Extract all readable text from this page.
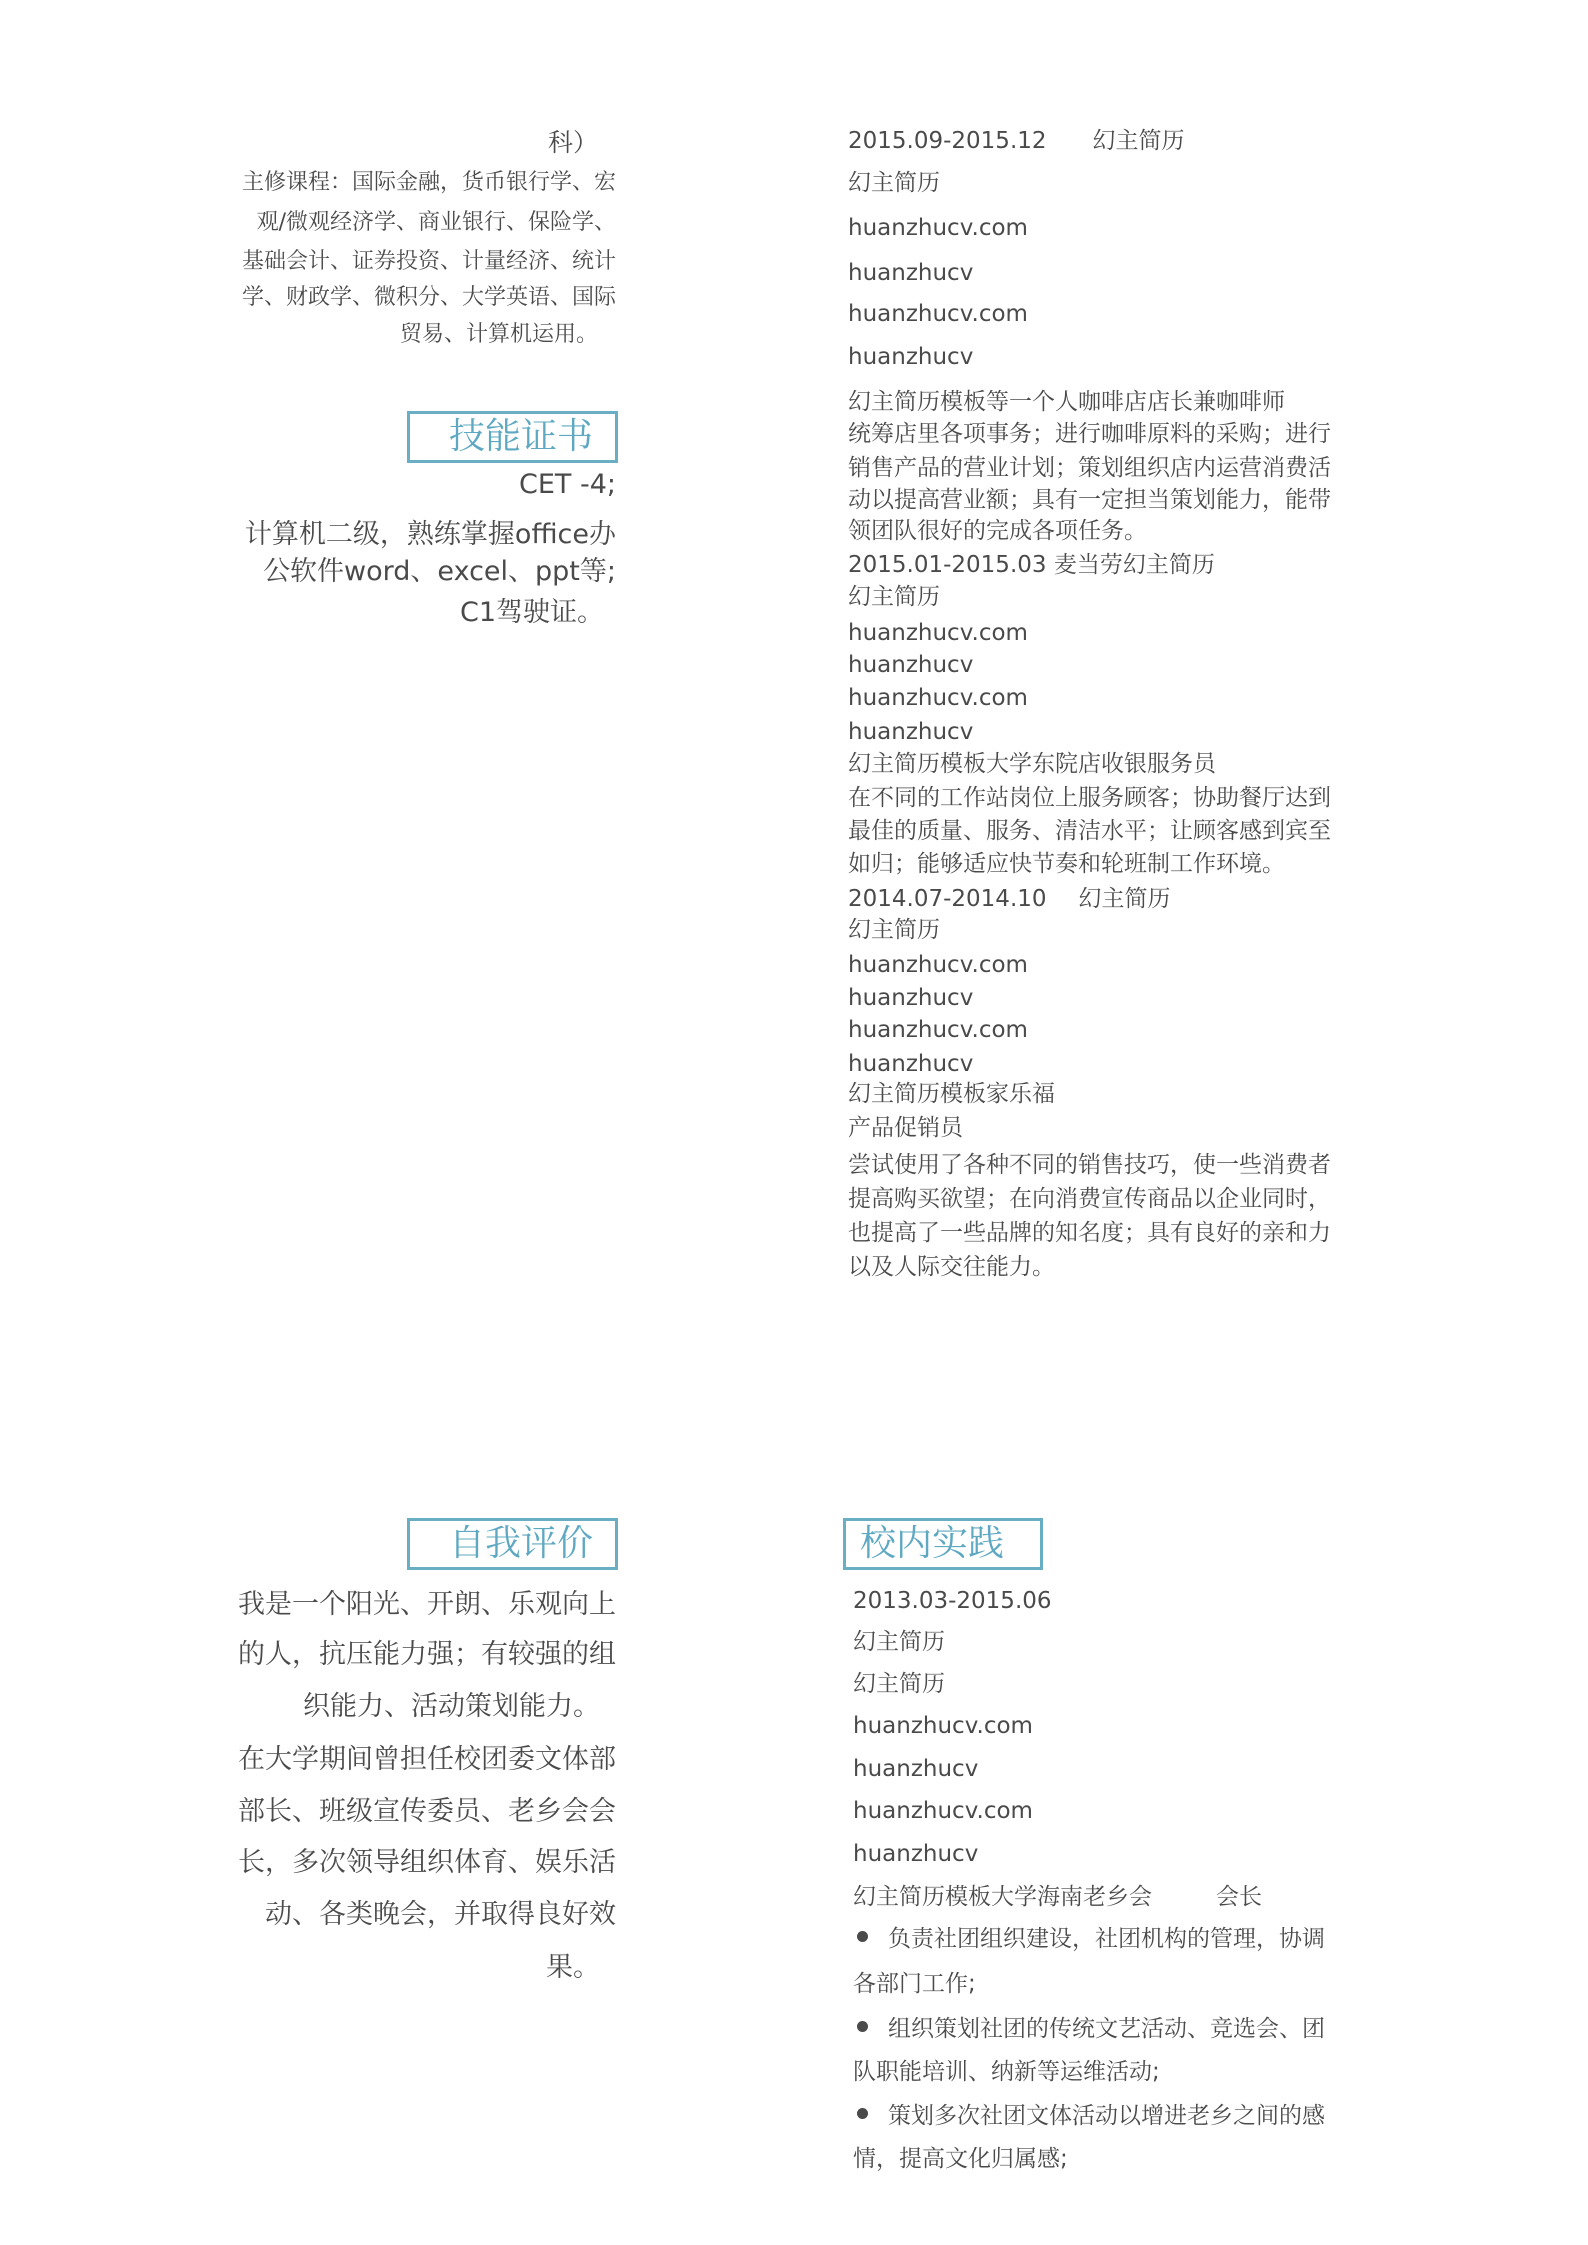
科）
主修课程：国际金融，货币银行学、宏
观/微观经济学、商业银行、保险学、
基础会计、证券投资、计量经济、统计
学、财政学、微积分、大学英语、国际
贸易、计算机运用。
技能证书
CET -4;
计算机二级，熟练掌握office办
公软件word、excel、ppt等;
C1驾驶证。
自我评价
我是一个阳光、开朗、乐观向上
的人，抗压能力强；有较强的组
织能力、活动策划能力。
在大学期间曾担任校团委文体部
部长、班级宣传委员、老乡会会
长，多次领导组织体育、娱乐活
动、各类晚会，并取得良好效
果。
2015.09-2015.12 幻主简历
幻主简历
huanzhucv.com
huanzhucv
huanzhucv.com
huanzhucv
幻主简历模板等一个人咖啡店店长兼咖啡师
统筹店里各项事务；进行咖啡原料的采购；进行
销售产品的营业计划；策划组织店内运营消费活
动以提高营业额；具有一定担当策划能力，能带
领团队很好的完成各项任务。
2015.01-2015.03 麦当劳幻主简历
幻主简历
huanzhucv.com
huanzhucv
huanzhucv.com
huanzhucv
幻主简历模板大学东院店收银服务员
在不同的工作站岗位上服务顾客；协助餐厅达到
最佳的质量、服务、清洁水平；让顾客感到宾至
如归；能够适应快节奏和轮班制工作环境。
2014.07-2014.10 幻主简历
幻主简历
huanzhucv.com
huanzhucv
huanzhucv.com
huanzhucv
幻主简历模板家乐福
产品促销员
尝试使用了各种不同的销售技巧，使一些消费者
提高购买欲望；在向消费宣传商品以企业同时，
也提高了一些品牌的知名度；具有良好的亲和力
以及人际交往能力。
校内实践
2013.03-2015.06
幻主简历
幻主简历
huanzhucv.com
huanzhucv
huanzhucv.com
huanzhucv
幻主简历模板大学海南老乡会	会长
负责社团组织建设，社团机构的管理，协调
各部门工作;
组织策划社团的传统文艺活动、竞选会、团
队职能培训、纳新等运维活动;
策划多次社团文体活动以增进老乡之间的感
情，提高文化归属感;
